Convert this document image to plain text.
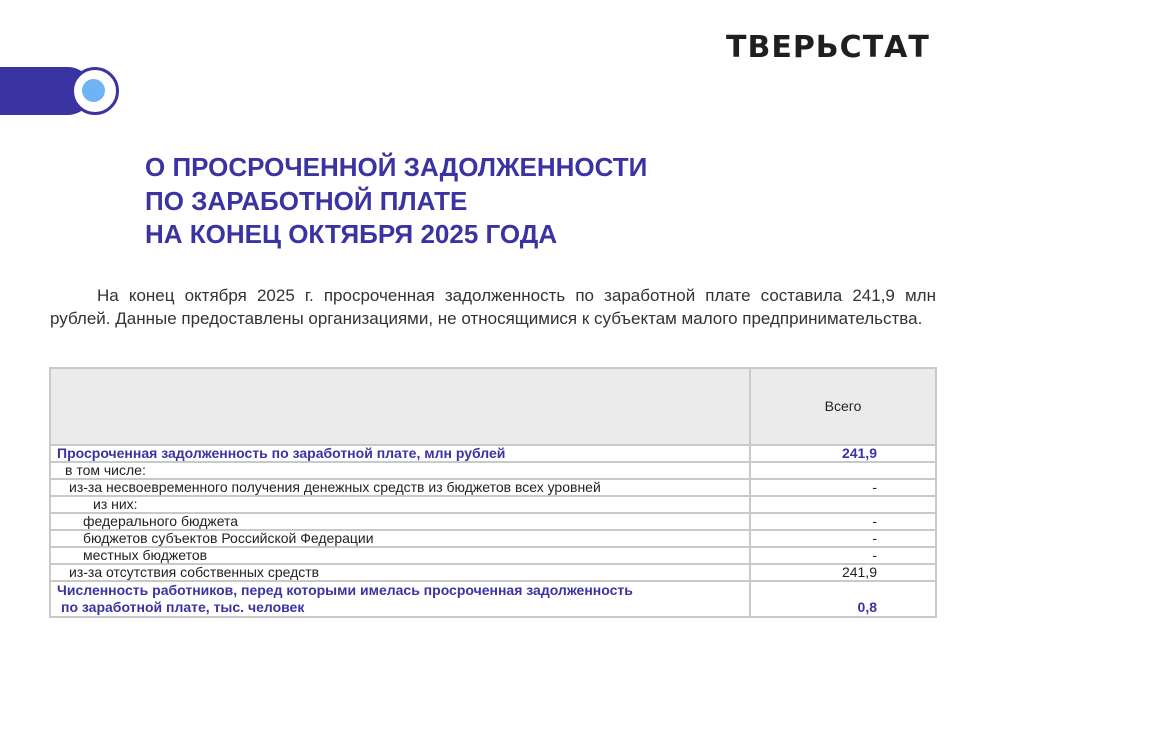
ТВЕРЬСТАТ
О ПРОСРОЧЕННОЙ ЗАДОЛЖЕННОСТИ
ПО ЗАРАБОТНОЙ ПЛАТЕ
НА КОНЕЦ ОКТЯБРЯ 2025 ГОДА
На конец октября 2025 г. просроченная задолженность по заработной плате составила 241,9 млн рублей. Данные предоставлены организациями, не относящимися к субъектам малого предпринимательства.
	Всего
Просроченная задолженность по заработной плате, млн рублей	241,9
в том числе:	
из-за несвоевременного получения денежных средств из бюджетов всех уровней	-
из них:	
федерального бюджета	-
бюджетов субъектов Российской Федерации	-
местных бюджетов	-
из-за отсутствия собственных средств	241,9

Численность работников, перед которыми имелась просроченная задолженность
по заработной плате, тыс. человек	0,8
